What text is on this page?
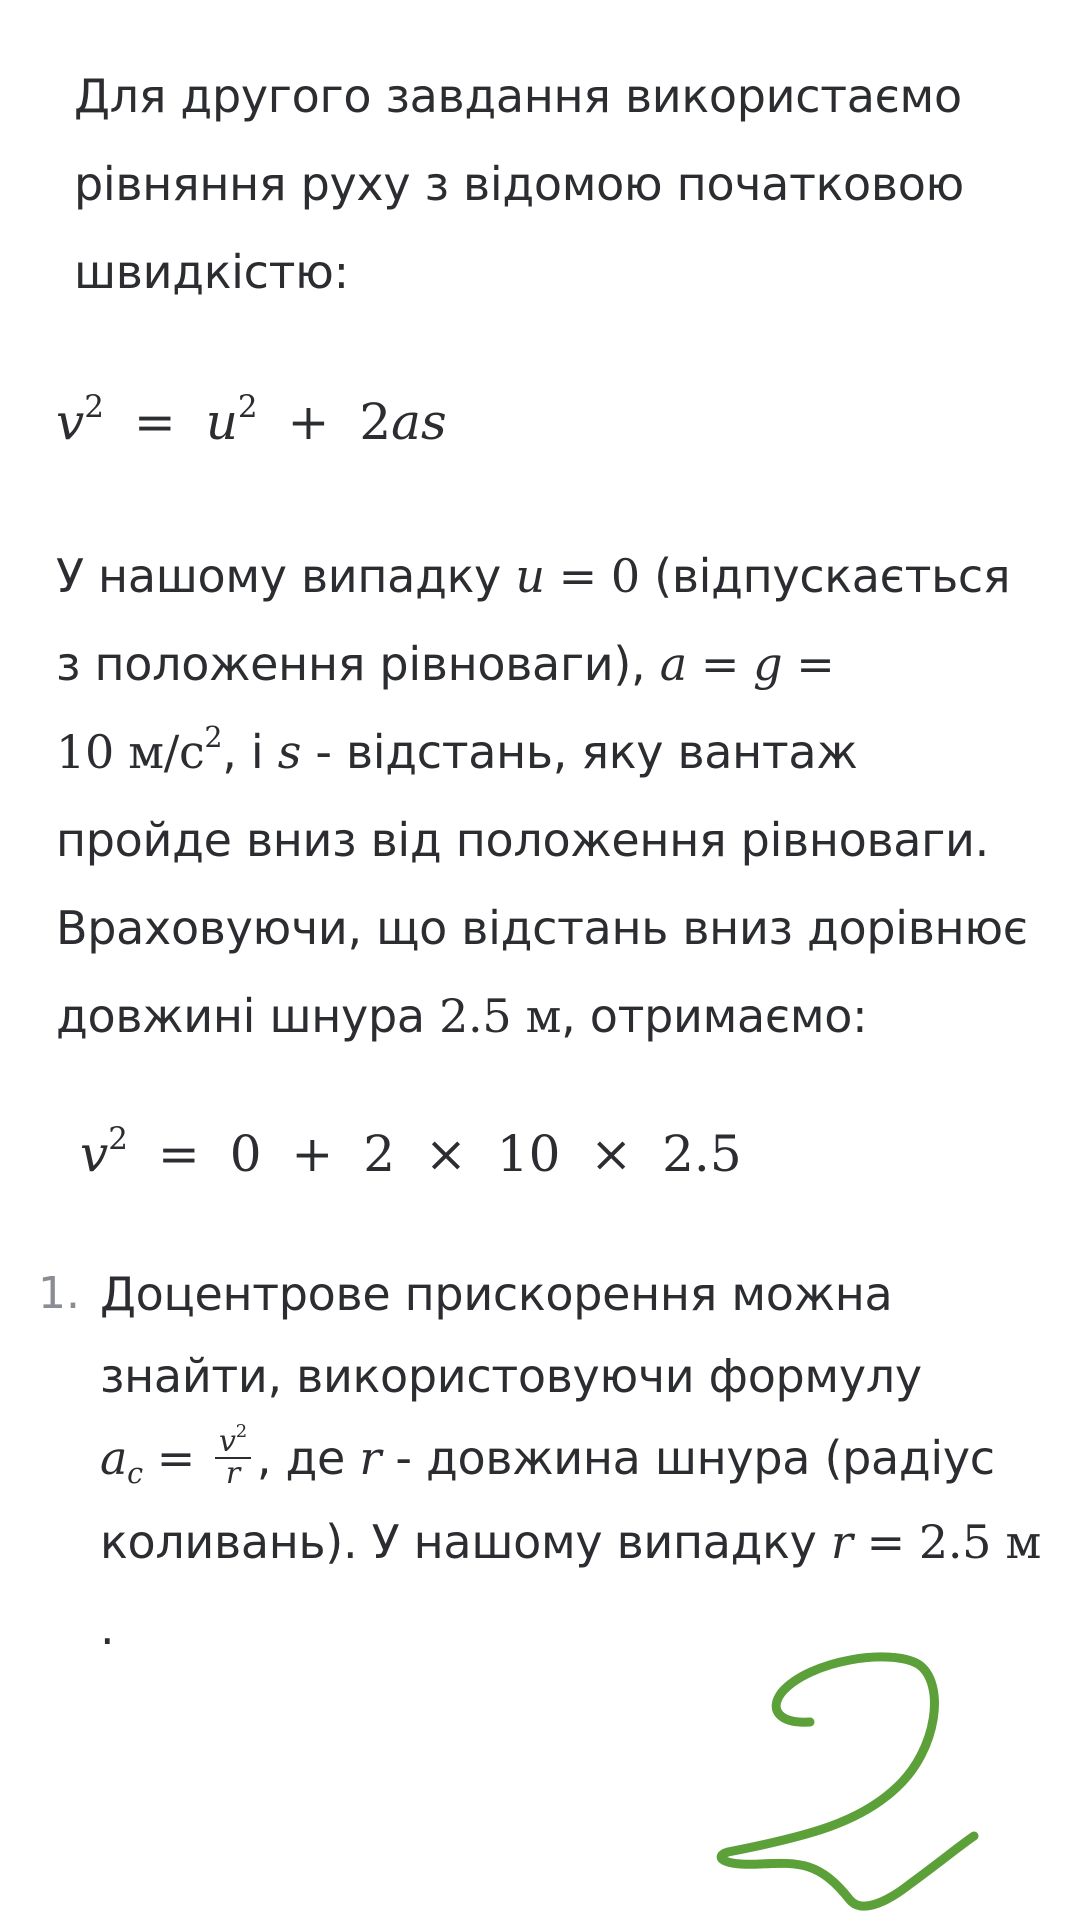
Для другого завдання використаємо
рівняння руху з відомою початковою
швидкістю:
$v^2 = u^2 + 2as$
У нашому випадку u = 0 (відпускається
з положення рівноваги), a = g =
10 $м/с^2$, і s - відстань, яку вантаж
пройде вниз від положення рівноваги.
Враховуючи, що відстань вниз дорівнює
довжині шнура 2.5 м, отримаємо:
$v^2 = 0 + 2 \times 10 \times 2.5$
1. Доцентрове прискорення можна
знайти, використовуючи формулу
ac = $\frac{v^2}{r}$ , де r - довжина шнура (радіус
коливань). У нашому випадку r = 2.5 м
.
